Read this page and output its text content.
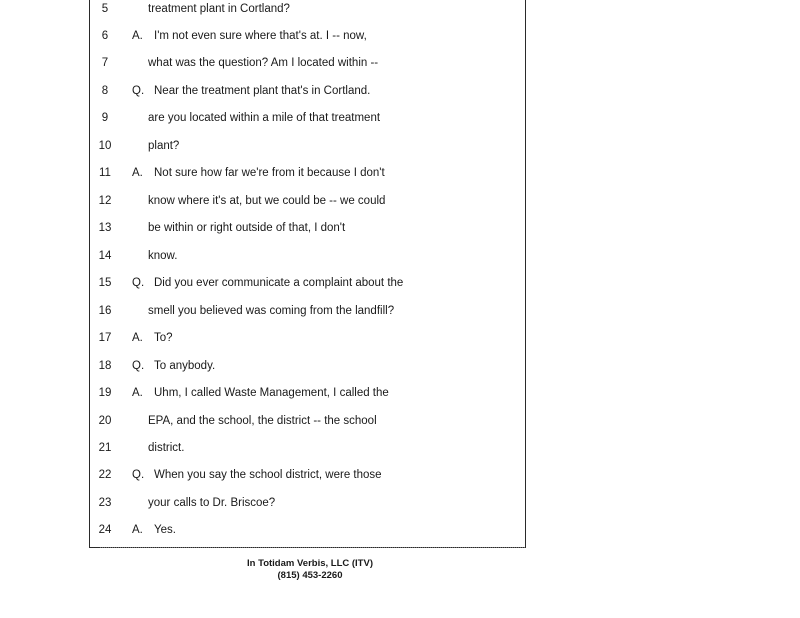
5	treatment plant in Cortland?
6	A. I'm not even sure where that's at. I -- now,
7	what was the question? Am I located within --
8	Q. Near the treatment plant that's in Cortland.
9	are you located within a mile of that treatment
10	plant?
11	A. Not sure how far we're from it because I don't
12	know where it's at, but we could be -- we could
13	be within or right outside of that, I don't
14	know.
15	Q. Did you ever communicate a complaint about the
16	smell you believed was coming from the landfill?
17	A. To?
18	Q. To anybody.
19	A. Uhm, I called Waste Management, I called the
20	EPA, and the school, the district -- the school
21	district.
22	Q. When you say the school district, were those
23	your calls to Dr. Briscoe?
24	A. Yes.
In Totidam Verbis, LLC (ITV)
(815) 453-2260
